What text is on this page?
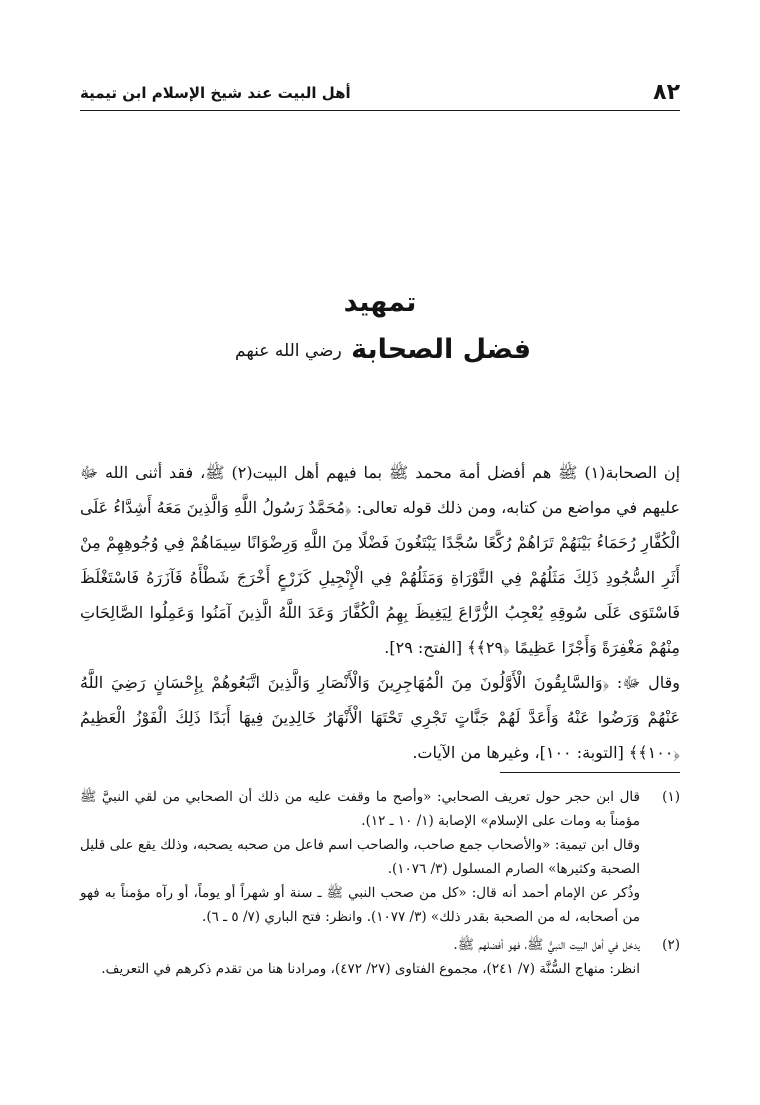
٨٢
أهل البيت عند شيخ الإسلام ابن تيمية
تمهيد
فضل الصحابة رضي الله عنهم

إن الصحابة(١) ﷺ هم أفضل أمة محمد ﷺ بما فيهم أهل البيت(٢) ﷺ، فقد أثنى الله ﷻ عليهم في مواضع من كتابه، ومن ذلك قوله تعالى: ﴿مُحَمَّدٌ رَسُولُ اللَّهِ وَالَّذِينَ مَعَهُ أَشِدَّاءُ عَلَى الْكُفَّارِ رُحَمَاءُ بَيْنَهُمْ تَرَاهُمْ رُكَّعًا سُجَّدًا يَبْتَغُونَ فَضْلًا مِنَ اللَّهِ وَرِضْوَانًا سِيمَاهُمْ فِي وُجُوهِهِمْ مِنْ أَثَرِ السُّجُودِ ذَلِكَ مَثَلُهُمْ فِي التَّوْرَاةِ وَمَثَلُهُمْ فِي الْإِنْجِيلِ كَزَرْعٍ أَخْرَجَ شَطْأَهُ فَآزَرَهُ فَاسْتَغْلَظَ فَاسْتَوَى عَلَى سُوقِهِ يُعْجِبُ الزُّرَّاعَ لِيَغِيظَ بِهِمُ الْكُفَّارَ وَعَدَ اللَّهُ الَّذِينَ آمَنُوا وَعَمِلُوا الصَّالِحَاتِ مِنْهُمْ مَغْفِرَةً وَأَجْرًا عَظِيمًا ﴿٢٩﴾﴾ [الفتح: ٢٩].

وقال ﷻ: ﴿وَالسَّابِقُونَ الْأَوَّلُونَ مِنَ الْمُهَاجِرِينَ وَالْأَنْصَارِ وَالَّذِينَ اتَّبَعُوهُمْ بِإِحْسَانٍ رَضِيَ اللَّهُ عَنْهُمْ وَرَضُوا عَنْهُ وَأَعَدَّ لَهُمْ جَنَّاتٍ تَجْرِي تَحْتَهَا الْأَنْهَارُ خَالِدِينَ فِيهَا أَبَدًا ذَلِكَ الْفَوْزُ الْعَظِيمُ ﴿١٠٠﴾﴾ [التوبة: ١٠٠]، وغيرها من الآيات.

(١)

قال ابن حجر حول تعريف الصحابي: «وأصح ما وقفت عليه من ذلك أن الصحابي من لقي النبيَّ ﷺ مؤمناً به ومات على الإسلام» الإصابة (١/ ١٠ ـ ١٢).

وقال ابن تيمية: «والأصحاب جمع صاحب، والصاحب اسم فاعل من صحبه يصحبه، وذلك يقع على قليل الصحبة وكثيرها» الصارم المسلول (٣/ ١٠٧٦).

وذُكر عن الإمام أحمد أنه قال: «كل من صحب النبي ﷺ ـ سنة أو شهراً أو يوماً، أو رآه مؤمناً به فهو من أصحابه، له من الصحبة بقدر ذلك» (٣/ ١٠٧٧). وانظر: فتح الباري (٧/ ٥ ـ ٦).

(٢)

يدخل في أهل البيت النبيُّ ﷺ، فهو أفضلهم ﷺ.

انظر: منهاج السُّنَّة (٧/ ٢٤١)، مجموع الفتاوى (٢٧/ ٤٧٢)، ومرادنا هنا من تقدم ذكرهم في التعريف.
